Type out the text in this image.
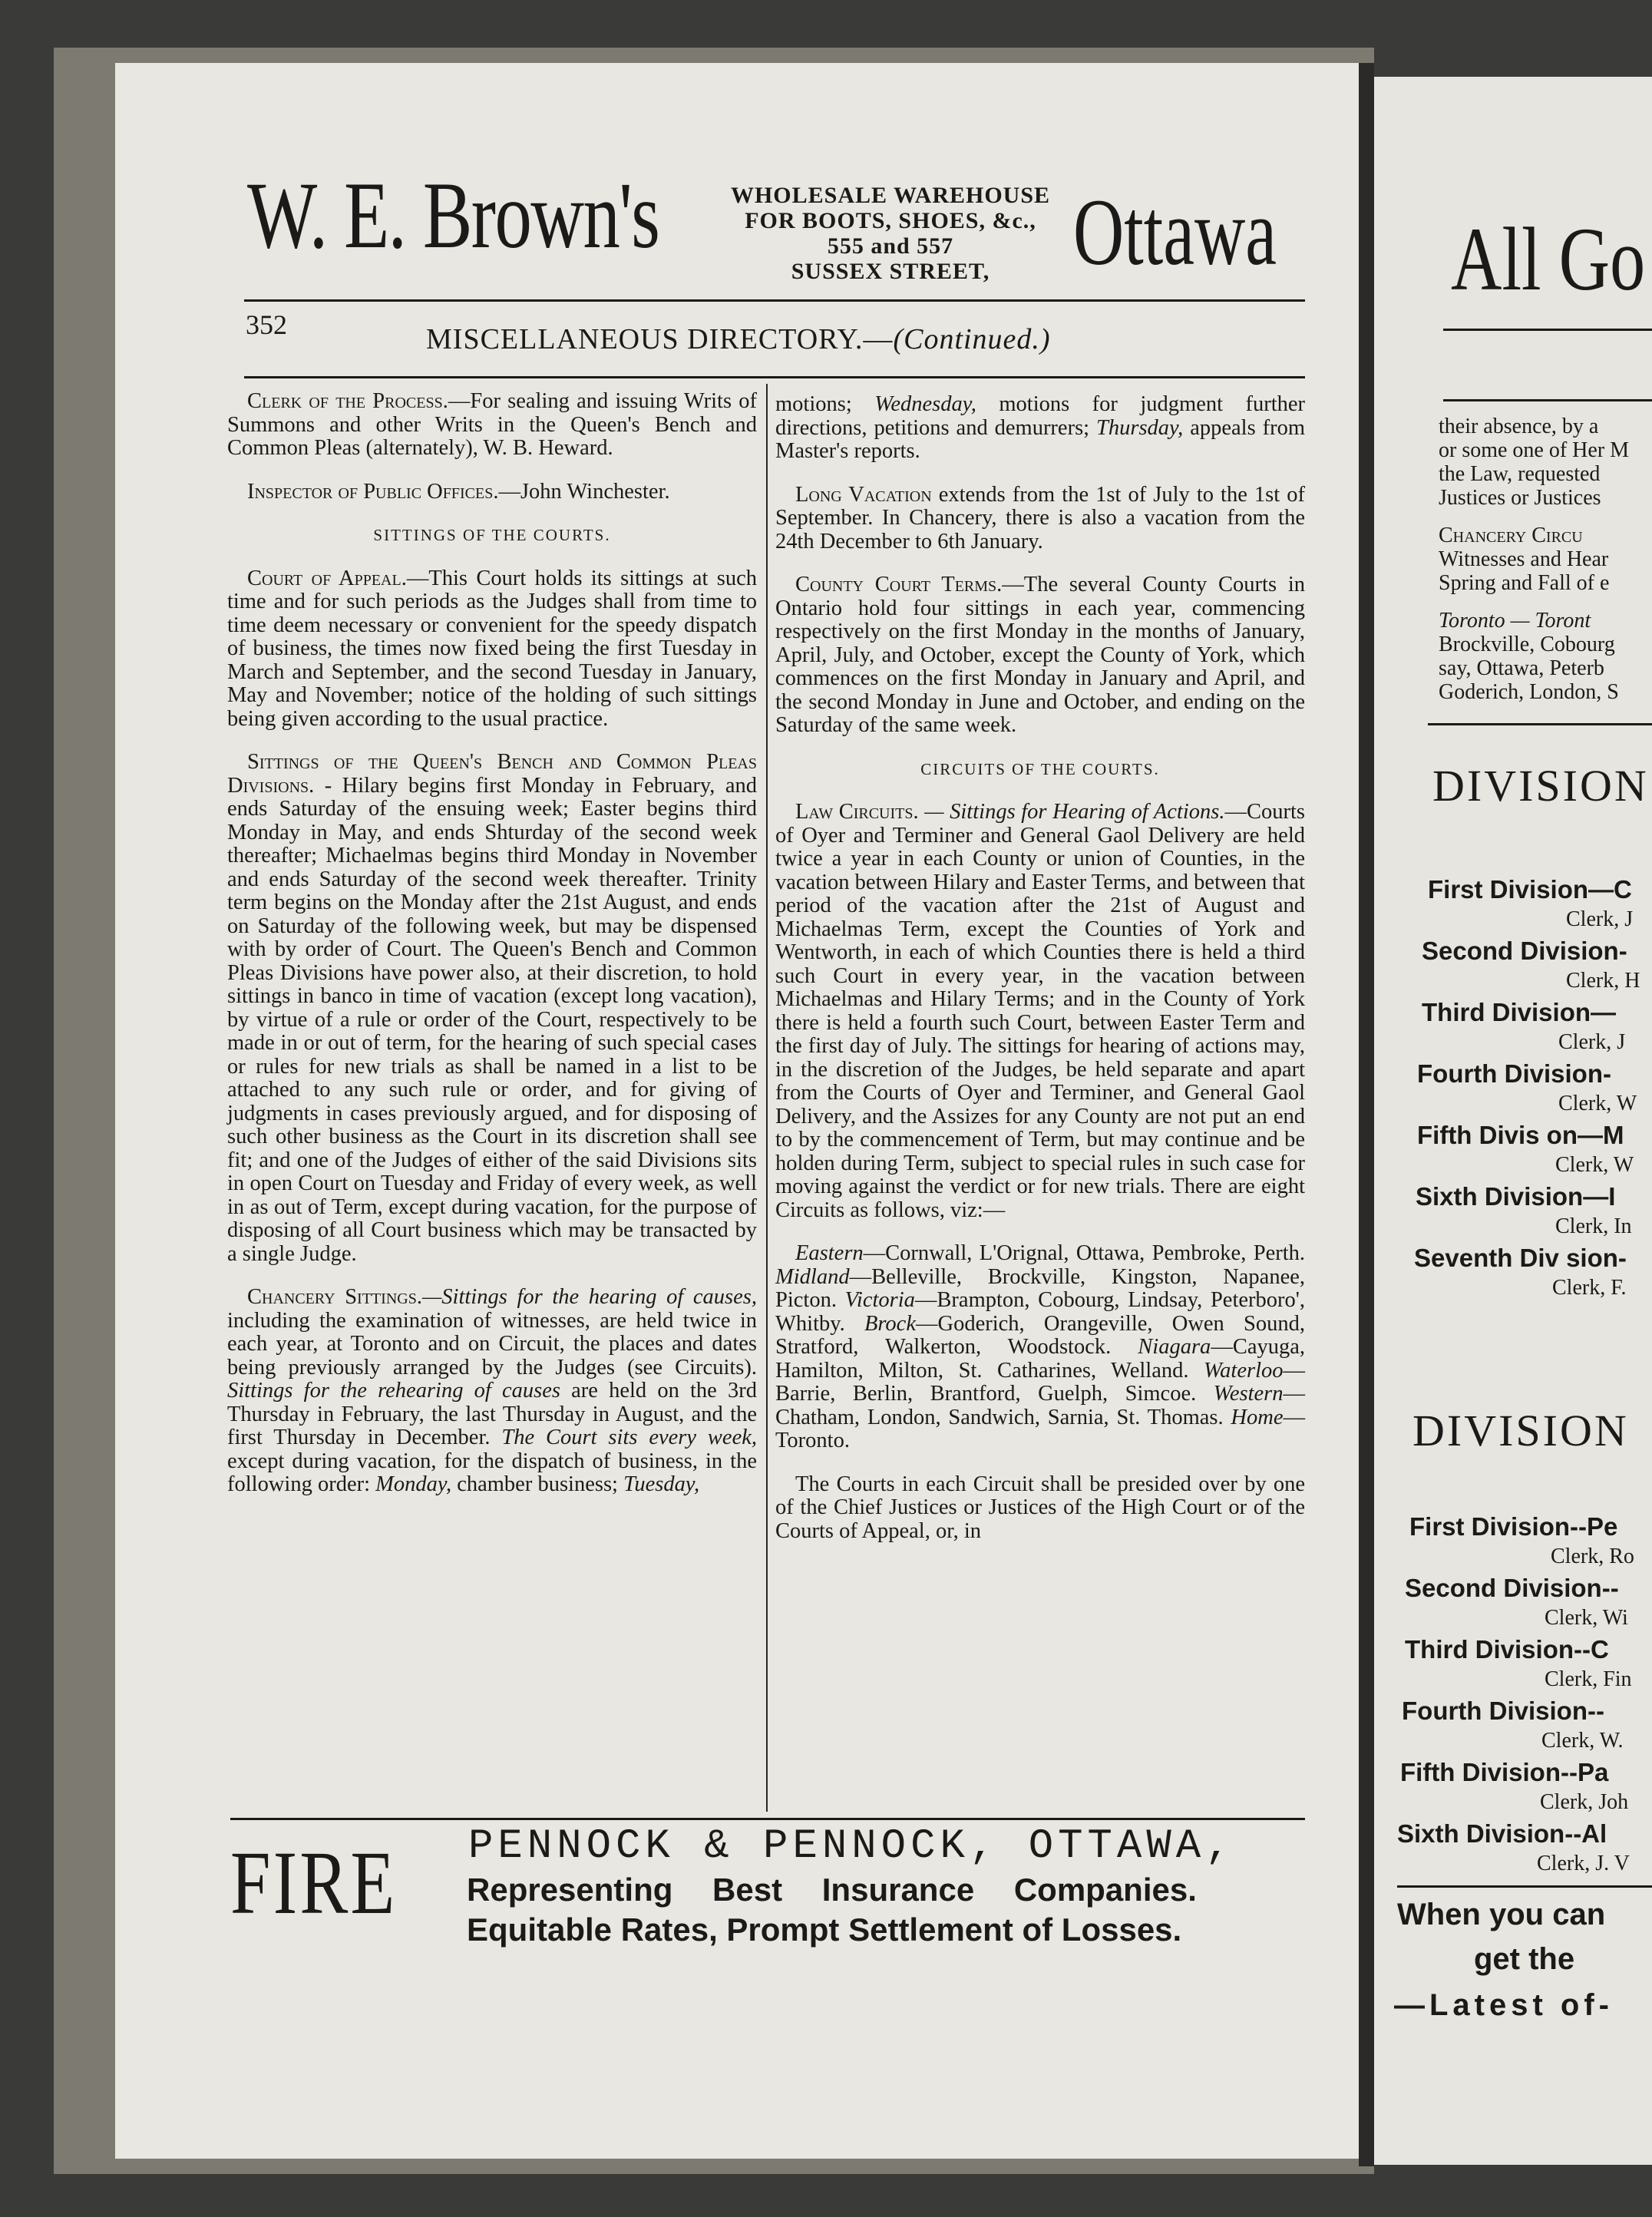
W. E. Brown's	WHOLESALE WAREHOUSE
FOR BOOTS, SHOES, &c.,
555 and 557
SUSSEX STREET, Ottawa
352	MISCELLANEOUS DIRECTORY.—(Continued.)

Clerk of the Process.—For sealing and issuing Writs of Summons and other Writs in the Queen's Bench and Common Pleas (alternately), W. B. Heward.

Inspector of Public Offices.—John Winchester.

SITTINGS OF THE COURTS.

Court of Appeal.—This Court holds its sittings at such time and for such periods as the Judges shall from time to time deem necessary or convenient for the speedy dispatch of business, the times now fixed being the first Tuesday in March and September, and the second Tuesday in January, May and November; notice of the holding of such sittings being given according to the usual practice.

Sittings of the Queen's Bench and Common Pleas Divisions. - Hilary begins first Monday in February, and ends Saturday of the ensuing week; Easter begins third Monday in May, and ends Shturday of the second week thereafter; Michaelmas begins third Monday in November and ends Saturday of the second week thereafter. Trinity term begins on the Monday after the 21st August, and ends on Saturday of the following week, but may be dispensed with by order of Court. The Queen's Bench and Common Pleas Divisions have power also, at their discretion, to hold sittings in banco in time of vacation (except long vacation), by virtue of a rule or order of the Court, respectively to be made in or out of term, for the hearing of such special cases or rules for new trials as shall be named in a list to be attached to any such rule or order, and for giving of judgments in cases previously argued, and for disposing of such other business as the Court in its discretion shall see fit; and one of the Judges of either of the said Divisions sits in open Court on Tuesday and Friday of every week, as well in as out of Term, except during vacation, for the purpose of disposing of all Court business which may be transacted by a single Judge.

Chancery Sittings.—Sittings for the hearing of causes, including the examination of witnesses, are held twice in each year, at Toronto and on Circuit, the places and dates being previously arranged by the Judges (see Circuits). Sittings for the rehearing of causes are held on the 3rd Thursday in February, the last Thursday in August, and the first Thursday in December. The Court sits every week, except during vacation, for the dispatch of business, in the following order: Monday, chamber business; Tuesday,

motions; Wednesday, motions for judgment further directions, petitions and demurrers; Thursday, appeals from Master's reports.

Long Vacation extends from the 1st of July to the 1st of September. In Chancery, there is also a vacation from the 24th December to 6th January.

County Court Terms.—The several County Courts in Ontario hold four sittings in each year, commencing respectively on the first Monday in the months of January, April, July, and October, except the County of York, which commences on the first Monday in January and April, and the second Monday in June and October, and ending on the Saturday of the same week.

CIRCUITS OF THE COURTS.

Law Circuits. — Sittings for Hearing of Actions.—Courts of Oyer and Terminer and General Gaol Delivery are held twice a year in each County or union of Counties, in the vacation between Hilary and Easter Terms, and between that period of the vacation after the 21st of August and Michaelmas Term, except the Counties of York and Wentworth, in each of which Counties there is held a third such Court in every year, in the vacation between Michaelmas and Hilary Terms; and in the County of York there is held a fourth such Court, between Easter Term and the first day of July. The sittings for hearing of actions may, in the discretion of the Judges, be held separate and apart from the Courts of Oyer and Terminer, and General Gaol Delivery, and the Assizes for any County are not put an end to by the commencement of Term, but may continue and be holden during Term, subject to special rules in such case for moving against the verdict or for new trials. There are eight Circuits as follows, viz:—

Eastern—Cornwall, L'Orignal, Ottawa, Pembroke, Perth. Midland—Belleville, Brockville, Kingston, Napanee, Picton. Victoria—Brampton, Cobourg, Lindsay, Peterboro', Whitby. Brock—Goderich, Orangeville, Owen Sound, Stratford, Walkerton, Woodstock. Niagara—Cayuga, Hamilton, Milton, St. Catharines, Welland. Waterloo—Barrie, Berlin, Brantford, Guelph, Simcoe. Western—Chatham, London, Sandwich, Sarnia, St. Thomas. Home—Toronto.

The Courts in each Circuit shall be presided over by one of the Chief Justices or Justices of the High Court or of the Courts of Appeal, or, in

FIRE PENNOCK & PENNOCK, OTTAWA,
Representing Best Insurance Companies.
Equitable Rates, Prompt Settlement of Losses.
All Go
their absence, by a
or some one of Her M
the Law, requested
Justices or Justices
Chancery Circu
Witnesses and Hear
Spring and Fall of e
Toronto — Toront
Brockville, Cobourg
say, Ottawa, Peterb
Goderich, London, S
DIVISION
First Division—C
Clerk, J
Second Division-
Clerk, H
Third Division—
Clerk, J
Fourth Division-
Clerk, W
Fifth Divis on—M
Clerk, W
Sixth Division—I
Clerk, In
Seventh Div sion-
Clerk, F.
DIVISION
First Division--Pe
Clerk, Ro
Second Division--
Clerk, Wi
Third Division--C
Clerk, Fin
Fourth Division--
Clerk, W.
Fifth Division--Pa
Clerk, Joh
Sixth Division--Al
Clerk, J. V
When you can
get the
—Latest of-
